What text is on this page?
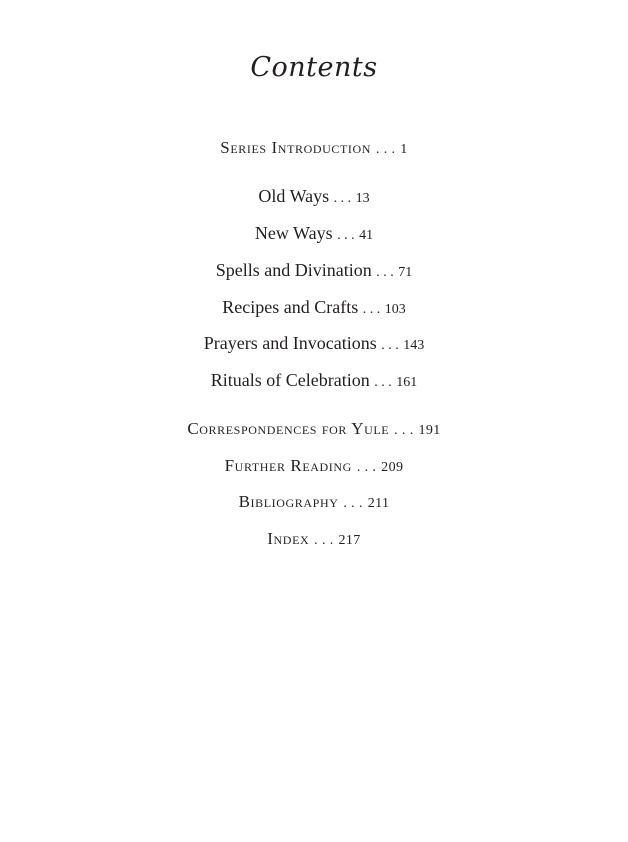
Contents
Series Introduction . . . 1
Old Ways . . . 13
New Ways . . . 41
Spells and Divination . . . 71
Recipes and Crafts . . . 103
Prayers and Invocations . . . 143
Rituals of Celebration . . . 161
Correspondences for Yule . . . 191
Further Reading . . . 209
Bibliography . . . 211
Index . . . 217
